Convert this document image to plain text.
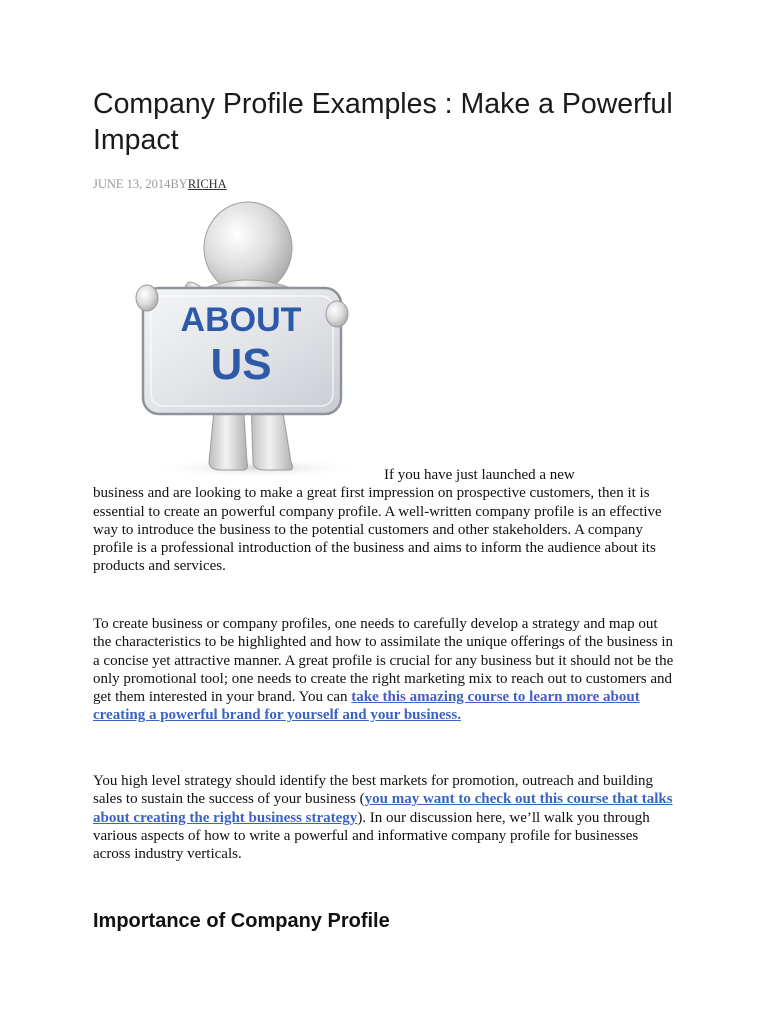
Company Profile Examples : Make a Powerful Impact
JUNE 13, 2014BYRICHA
ABOUT
US

If you have just launched a new
business and are looking to make a great first impression on prospective customers, then it is essential to create an powerful company profile. A well-written company profile is an effective way to introduce the business to the potential customers and other stakeholders. A company profile is a professional introduction of the business and aims to inform the audience about its products and services.

To create business or company profiles, one needs to carefully develop a strategy and map out the characteristics to be highlighted and how to assimilate the unique offerings of the business in a concise yet attractive manner. A great profile is crucial for any business but it should not be the only promotional tool; one needs to create the right marketing mix to reach out to customers and get them interested in your brand. You can take this amazing course to learn more about creating a powerful brand for yourself and your business.

You high level strategy should identify the best markets for promotion, outreach and building sales to sustain the success of your business (you may want to check out this course that talks about creating the right business strategy). In our discussion here, we’ll walk you through various aspects of how to write a powerful and informative company profile for businesses across industry verticals.

Importance of Company Profile
